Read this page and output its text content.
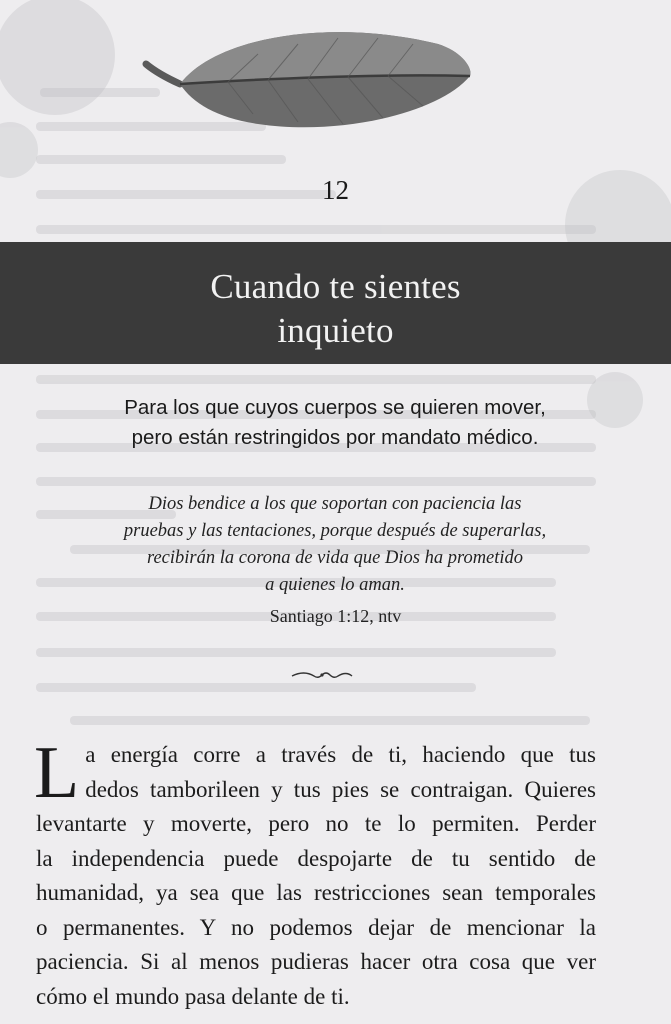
12
Cuando te sientes
inquieto
Para los que cuyos cuerpos se quieren mover,
pero están restringidos por mandato médico.
Dios bendice a los que soportan con paciencia las
pruebas y las tentaciones, porque después de superarlas,
recibirán la corona de vida que Dios ha prometido
a quienes lo aman.
Santiago 1:12, ntv
L a energía corre a través de ti, haciendo que tus
dedos tamborileen y tus pies se contraigan. Quieres
levantarte y moverte, pero no te lo permiten. Perder
la independencia puede despojarte de tu sentido de
humanidad, ya sea que las restricciones sean temporales
o permanentes. Y no podemos dejar de mencionar la
paciencia. Si al menos pudieras hacer otra cosa que ver
cómo el mundo pasa delante de ti.
